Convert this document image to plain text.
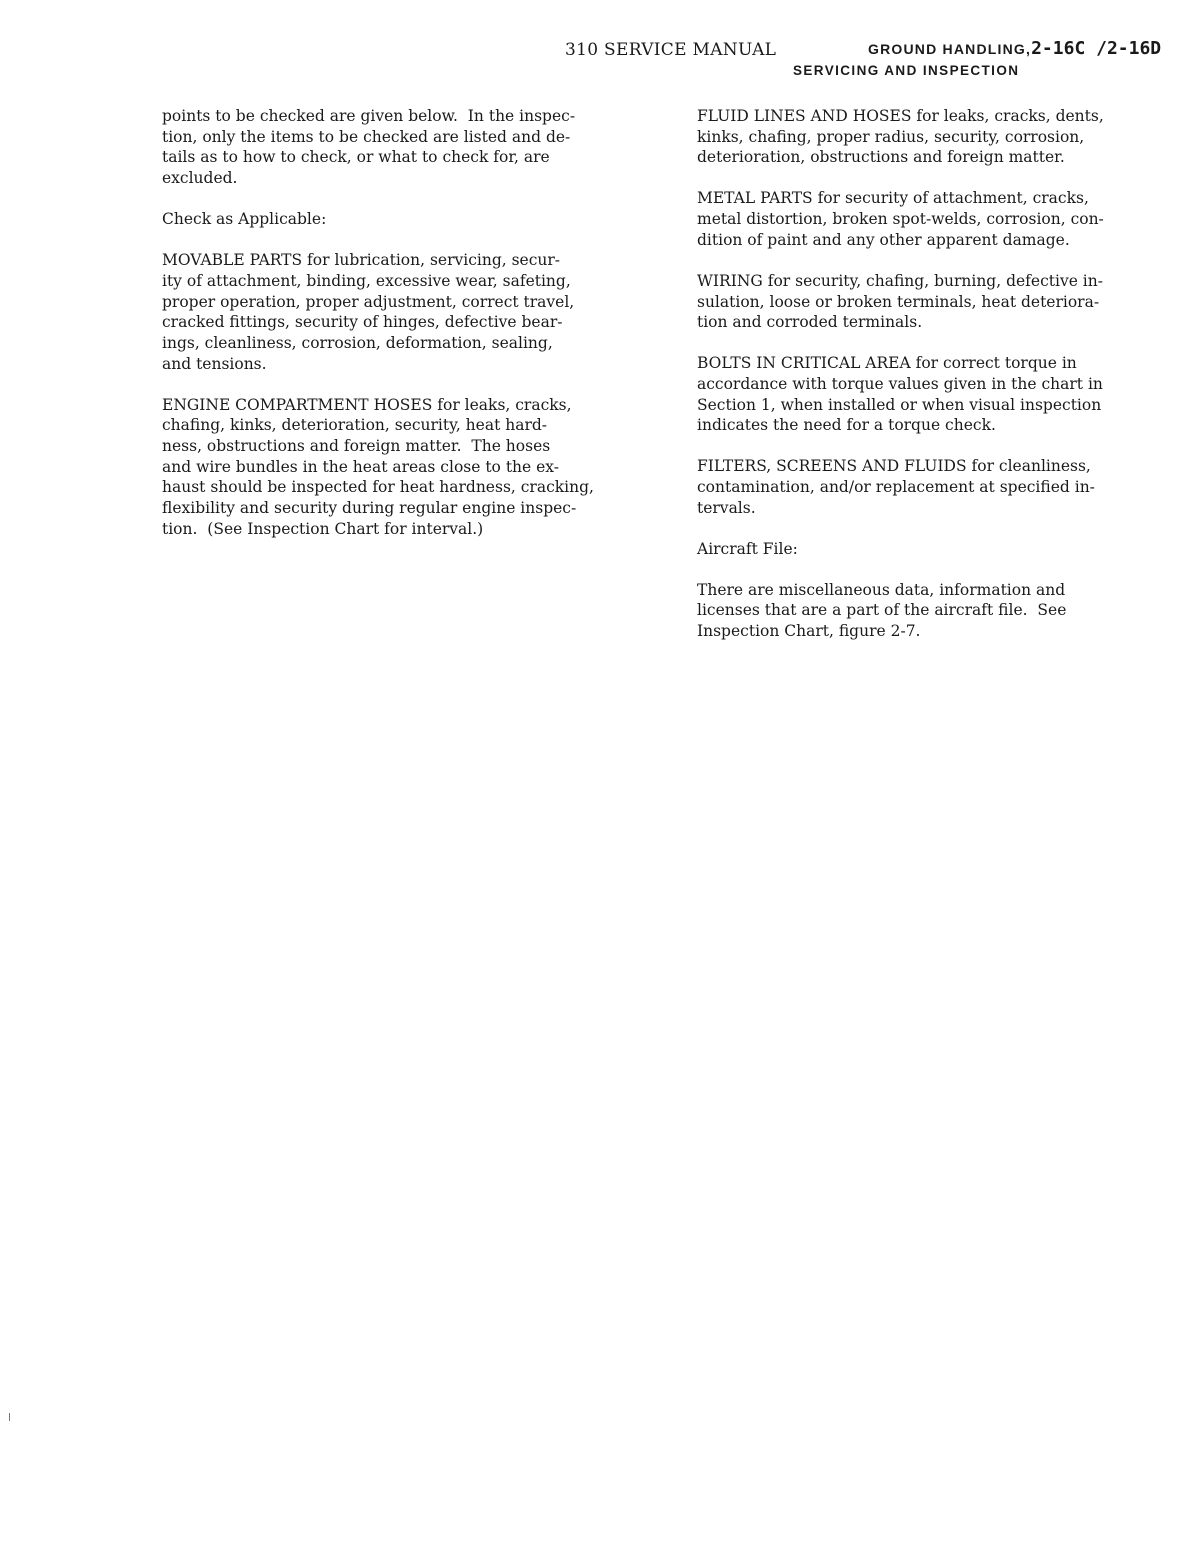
310 SERVICE MANUAL	GROUND HANDLING,2-16C /2-16D
SERVICING AND INSPECTION

points to be checked are given below.  In the inspec-
tion, only the items to be checked are listed and de-
tails as to how to check, or what to check for, are
excluded.

Check as Applicable:

MOVABLE PARTS for lubrication, servicing, secur-
ity of attachment, binding, excessive wear, safeting,
proper operation, proper adjustment, correct travel,
cracked fittings, security of hinges, defective bear-
ings, cleanliness, corrosion, deformation, sealing,
and tensions.

ENGINE COMPARTMENT HOSES for leaks, cracks,
chafing, kinks, deterioration, security, heat hard-
ness, obstructions and foreign matter.  The hoses
and wire bundles in the heat areas close to the ex-
haust should be inspected for heat hardness, cracking,
flexibility and security during regular engine inspec-
tion.  (See Inspection Chart for interval.)

FLUID LINES AND HOSES for leaks, cracks, dents,
kinks, chafing, proper radius, security, corrosion,
deterioration, obstructions and foreign matter.

METAL PARTS for security of attachment, cracks,
metal distortion, broken spot-welds, corrosion, con-
dition of paint and any other apparent damage.

WIRING for security, chafing, burning, defective in-
sulation, loose or broken terminals, heat deteriora-
tion and corroded terminals.

BOLTS IN CRITICAL AREA for correct torque in
accordance with torque values given in the chart in
Section 1, when installed or when visual inspection
indicates the need for a torque check.

FILTERS, SCREENS AND FLUIDS for cleanliness,
contamination, and/or replacement at specified in-
tervals.

Aircraft File:

There are miscellaneous data, information and
licenses that are a part of the aircraft file.  See
Inspection Chart, figure 2-7.
